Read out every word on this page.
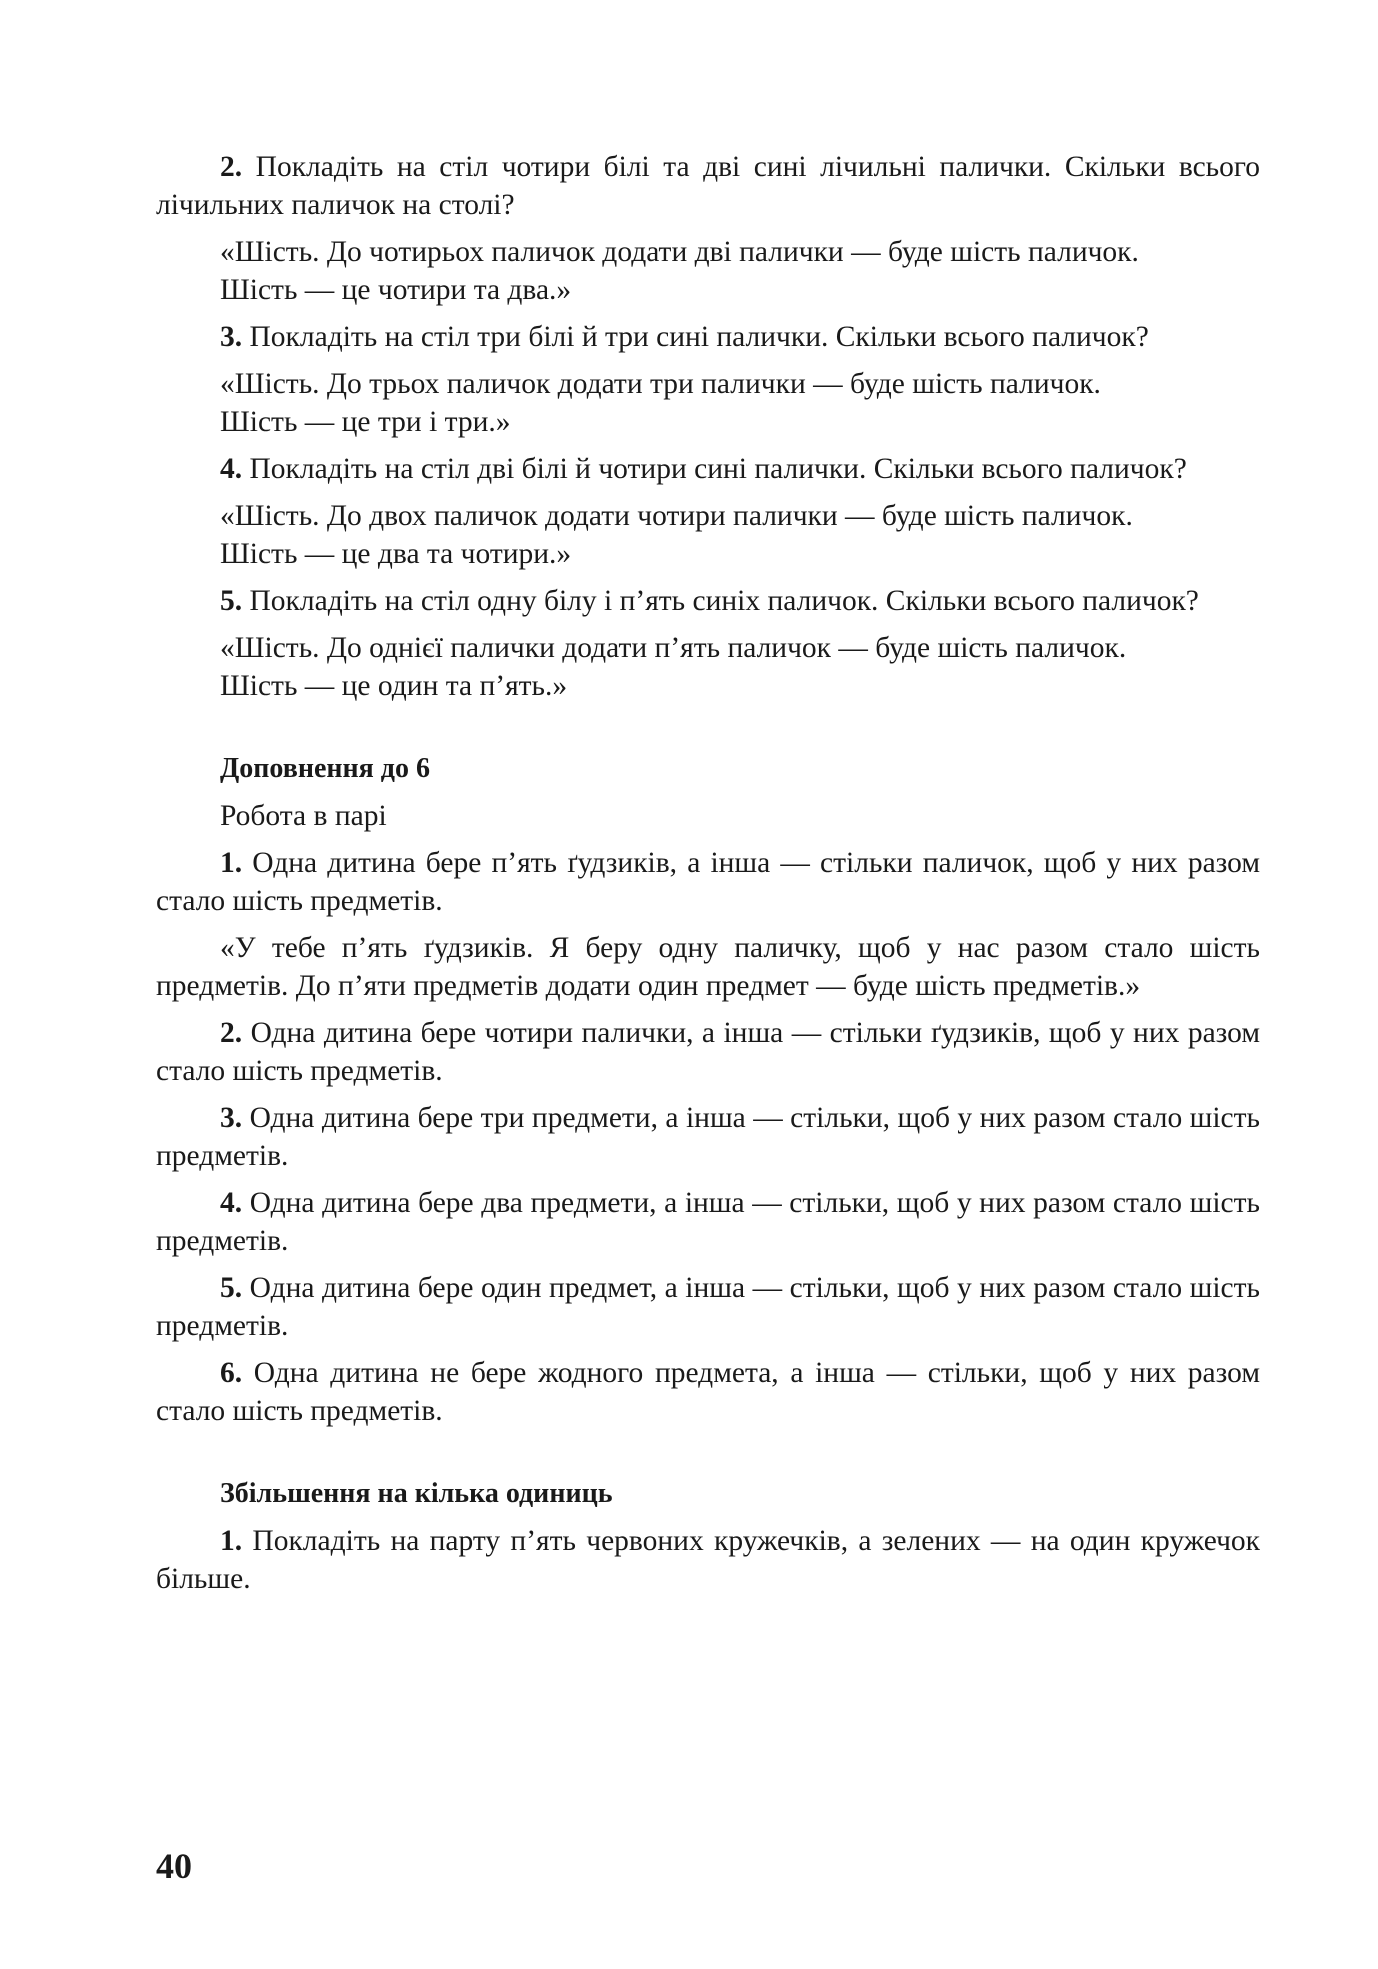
2. Покладіть на стіл чотири білі та дві сині лічильні палички. Скільки всього лічильних паличок на столі?

«Шість. До чотирьох паличок додати дві палички — буде шість паличок.
Шість — це чотири та два.»

3. Покладіть на стіл три білі й три сині палички. Скільки всього паличок?

«Шість. До трьох паличок додати три палички — буде шість паличок.
Шість — це три і три.»

4. Покладіть на стіл дві білі й чотири сині палички. Скільки всього паличок?

«Шість. До двох паличок додати чотири палички — буде шість паличок.
Шість — це два та чотири.»

5. Покладіть на стіл одну білу і п’ять синіх паличок. Скільки всього паличок?

«Шість. До однієї палички додати п’ять паличок — буде шість паличок.
Шість — це один та п’ять.»
Доповнення до 6
Робота в парі

1. Одна дитина бере п’ять ґудзиків, а інша — стільки паличок, щоб у них разом стало шість предметів.

«У тебе п’ять ґудзиків. Я беру одну паличку, щоб у нас разом стало шість предметів. До п’яти предметів додати один предмет — буде шість предметів.»

2. Одна дитина бере чотири палички, а інша — стільки ґудзиків, щоб у них разом стало шість предметів.

3. Одна дитина бере три предмети, а інша — стільки, щоб у них разом стало шість предметів.

4. Одна дитина бере два предмети, а інша — стільки, щоб у них разом стало шість предметів.

5. Одна дитина бере один предмет, а інша — стільки, щоб у них разом стало шість предметів.

6. Одна дитина не бере жодного предмета, а інша — стільки, щоб у них разом стало шість предметів.

Збільшення на кілька одиниць

1. Покладіть на парту п’ять червоних кружечків, а зелених — на один кружечок більше.

40
